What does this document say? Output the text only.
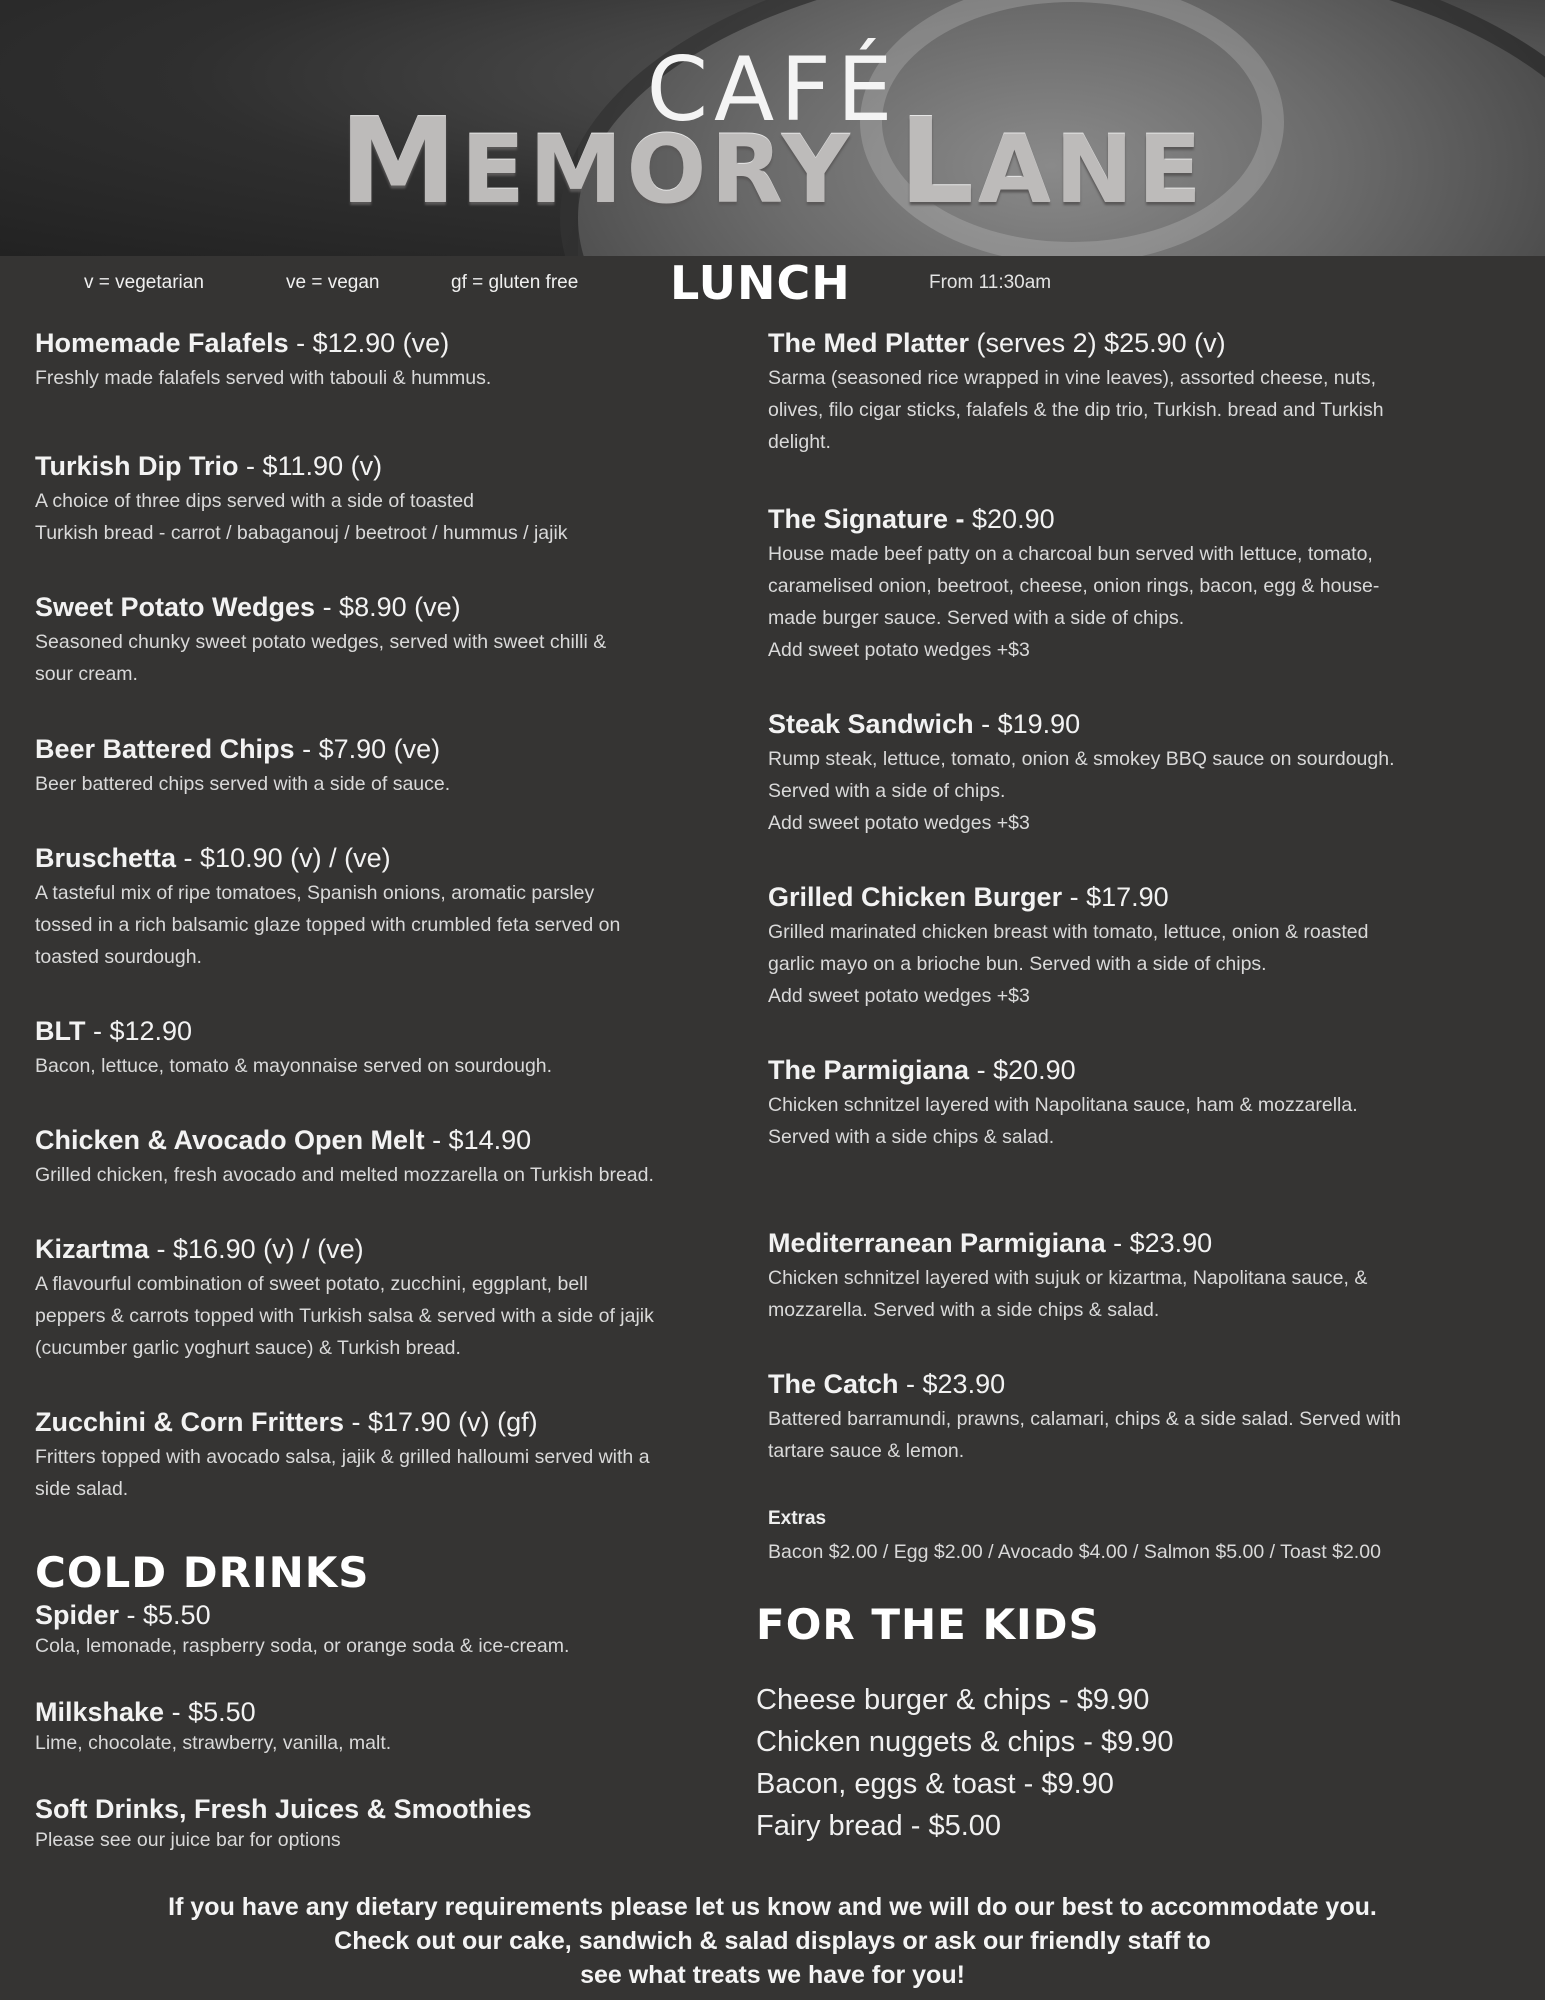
CAFÉ
MEMORY LANE
v = vegetarian	ve = vegan	gf = gluten free LUNCH	From 11:30am
Homemade Falafels - $12.90 (ve)
Freshly made falafels served with tabouli & hummus.
Turkish Dip Trio - $11.90 (v)
A choice of three dips served with a side of toasted
Turkish bread - carrot / babaganouj / beetroot / hummus / jajik
Sweet Potato Wedges - $8.90 (ve)
Seasoned chunky sweet potato wedges, served with sweet chilli &
sour cream.
Beer Battered Chips - $7.90 (ve)
Beer battered chips served with a side of sauce.
Bruschetta - $10.90 (v) / (ve)
A tasteful mix of ripe tomatoes, Spanish onions, aromatic parsley
tossed in a rich balsamic glaze topped with crumbled feta served on
toasted sourdough.
BLT - $12.90
Bacon, lettuce, tomato & mayonnaise served on sourdough.
Chicken & Avocado Open Melt - $14.90
Grilled chicken, fresh avocado and melted mozzarella on Turkish bread.
Kizartma - $16.90 (v) / (ve)
A flavourful combination of sweet potato, zucchini, eggplant, bell
peppers & carrots topped with Turkish salsa & served with a side of jajik
(cucumber garlic yoghurt sauce) & Turkish bread.
Zucchini & Corn Fritters - $17.90 (v) (gf)
Fritters topped with avocado salsa, jajik & grilled halloumi served with a
side salad.
The Med Platter (serves 2) $25.90 (v)
Sarma (seasoned rice wrapped in vine leaves), assorted cheese, nuts,
olives, filo cigar sticks, falafels & the dip trio, Turkish. bread and Turkish
delight.
The Signature - $20.90
House made beef patty on a charcoal bun served with lettuce, tomato,
caramelised onion, beetroot, cheese, onion rings, bacon, egg & house-
made burger sauce. Served with a side of chips.
Add sweet potato wedges +$3
Steak Sandwich - $19.90
Rump steak, lettuce, tomato, onion & smokey BBQ sauce on sourdough.
Served with a side of chips.
Add sweet potato wedges +$3
Grilled Chicken Burger - $17.90
Grilled marinated chicken breast with tomato, lettuce, onion & roasted
garlic mayo on a brioche bun. Served with a side of chips.
Add sweet potato wedges +$3
The Parmigiana - $20.90
Chicken schnitzel layered with Napolitana sauce, ham & mozzarella.
Served with a side chips & salad.
Mediterranean Parmigiana - $23.90
Chicken schnitzel layered with sujuk or kizartma, Napolitana sauce, &
mozzarella. Served with a side chips & salad.
The Catch - $23.90
Battered barramundi, prawns, calamari, chips & a side salad. Served with
tartare sauce & lemon.
COLD DRINKS
Spider - $5.50
Cola, lemonade, raspberry soda, or orange soda & ice-cream.
Milkshake - $5.50
Lime, chocolate, strawberry, vanilla, malt.
Soft Drinks, Fresh Juices & Smoothies
Please see our juice bar for options
Extras
Bacon $2.00 / Egg $2.00 / Avocado $4.00 / Salmon $5.00 / Toast $2.00
FOR THE KIDS
Cheese burger & chips - $9.90
Chicken nuggets & chips - $9.90
Bacon, eggs & toast - $9.90
Fairy bread - $5.00
If you have any dietary requirements please let us know and we will do our best to accommodate you.
Check out our cake, sandwich & salad displays or ask our friendly staff to
see what treats we have for you!
